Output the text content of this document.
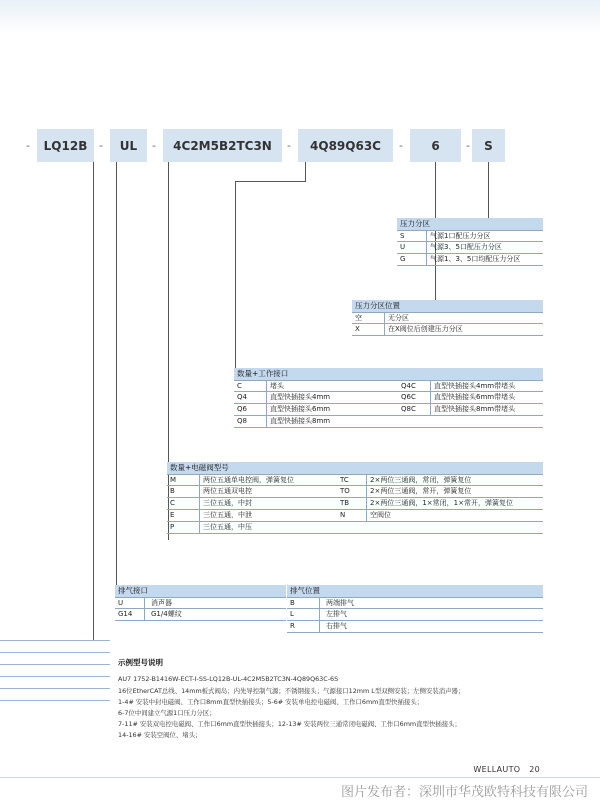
-	LQ12B	-	UL	-	4C2M5B2TC3N	-	4Q89Q63C	-	6	-	S
压力分区
S	气源1口配压力分区
U	气源3、5口配压力分区
G	气源1、3、5口均配压力分区
压力分区位置
空	无分区
X	在X阀位后创建压力分区
数量+工作接口
C	堵头	Q4C	直型快插接头4mm带堵头
Q4	直型快插接头4mm	Q6C	直型快插接头6mm带堵头
Q6	直型快插接头6mm	Q8C	直型快插接头8mm带堵头
Q8	直型快插接头8mm
数量+电磁阀型号
M	两位五通单电控阀，弹簧复位	TC	2×两位三通阀，常闭，弹簧复位
B	两位五通双电控	TO	2×两位三通阀，常开，弹簧复位
C	三位五通，中封	TB	2×两位三通阀，1×常闭，1×常开，弹簧复位
E	三位五通，中泄	N	空阀位
P	三位五通，中压
排气接口
U	消声器
G14	G1/4螺纹
排气位置
B	两端排气
L	左排气
R	右排气
示例型号说明
AU7 1752-B1416W-ECT-I-SS-LQ12B-UL-4C2M5B2TC3N-4Q89Q63C-6S
16位EtherCAT总线、14mm板式阀岛；内先导控制气源；不锈钢接头；气源接口12mm L型双侧安装；左侧安装消声器；
1-4# 安装中封电磁阀、工作口8mm直型快插接头；5-6# 安装单电控电磁阀、工作口6mm直型快插接头；
6-7位中间建立气源1口压力分区；
7-11# 安装双电控电磁阀、工作口6mm直型快插接头；12-13# 安装两位三通常闭电磁阀、工作口6mm直型快插接头；
14-16# 安装空阀位、堵头；
WELLAUTO 20
图片发布者：深圳市华茂欧特科技有限公司
